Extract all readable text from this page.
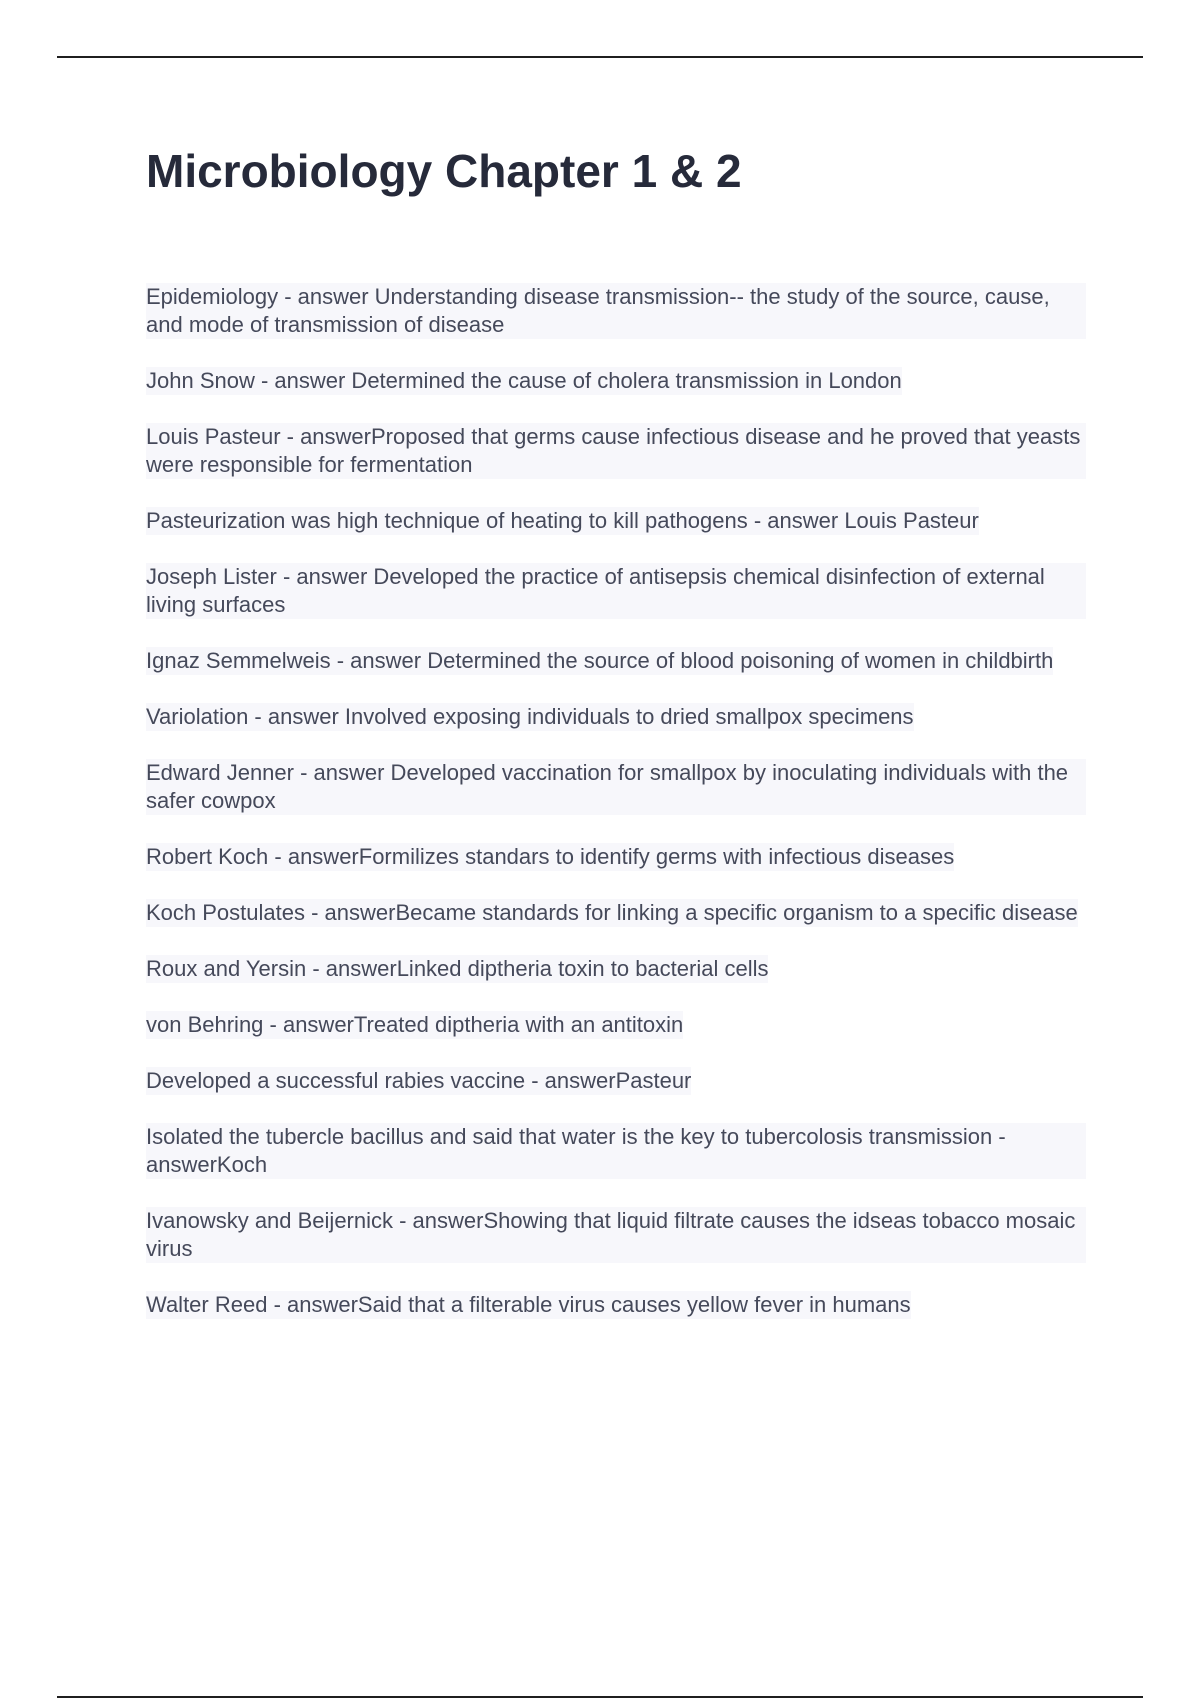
Microbiology Chapter 1 & 2

Epidemiology - answer Understanding disease transmission-- the study of the source, cause, and mode of transmission of disease

John Snow - answer Determined the cause of cholera transmission in London

Louis Pasteur - answerProposed that germs cause infectious disease and he proved that yeasts were responsible for fermentation

Pasteurization was high technique of heating to kill pathogens - answer Louis Pasteur

Joseph Lister - answer Developed the practice of antisepsis chemical disinfection of external living surfaces

Ignaz Semmelweis - answer Determined the source of blood poisoning of women in childbirth

Variolation - answer Involved exposing individuals to dried smallpox specimens

Edward Jenner - answer Developed vaccination for smallpox by inoculating individuals with the safer cowpox

Robert Koch - answerFormilizes standars to identify germs with infectious diseases

Koch Postulates - answerBecame standards for linking a specific organism to a specific disease

Roux and Yersin - answerLinked diptheria toxin to bacterial cells

von Behring - answerTreated diptheria with an antitoxin

Developed a successful rabies vaccine - answerPasteur

Isolated the tubercle bacillus and said that water is the key to tubercolosis transmission - answerKoch

Ivanowsky and Beijernick - answerShowing that liquid filtrate causes the idseas tobacco mosaic virus

Walter Reed - answerSaid that a filterable virus causes yellow fever in humans
